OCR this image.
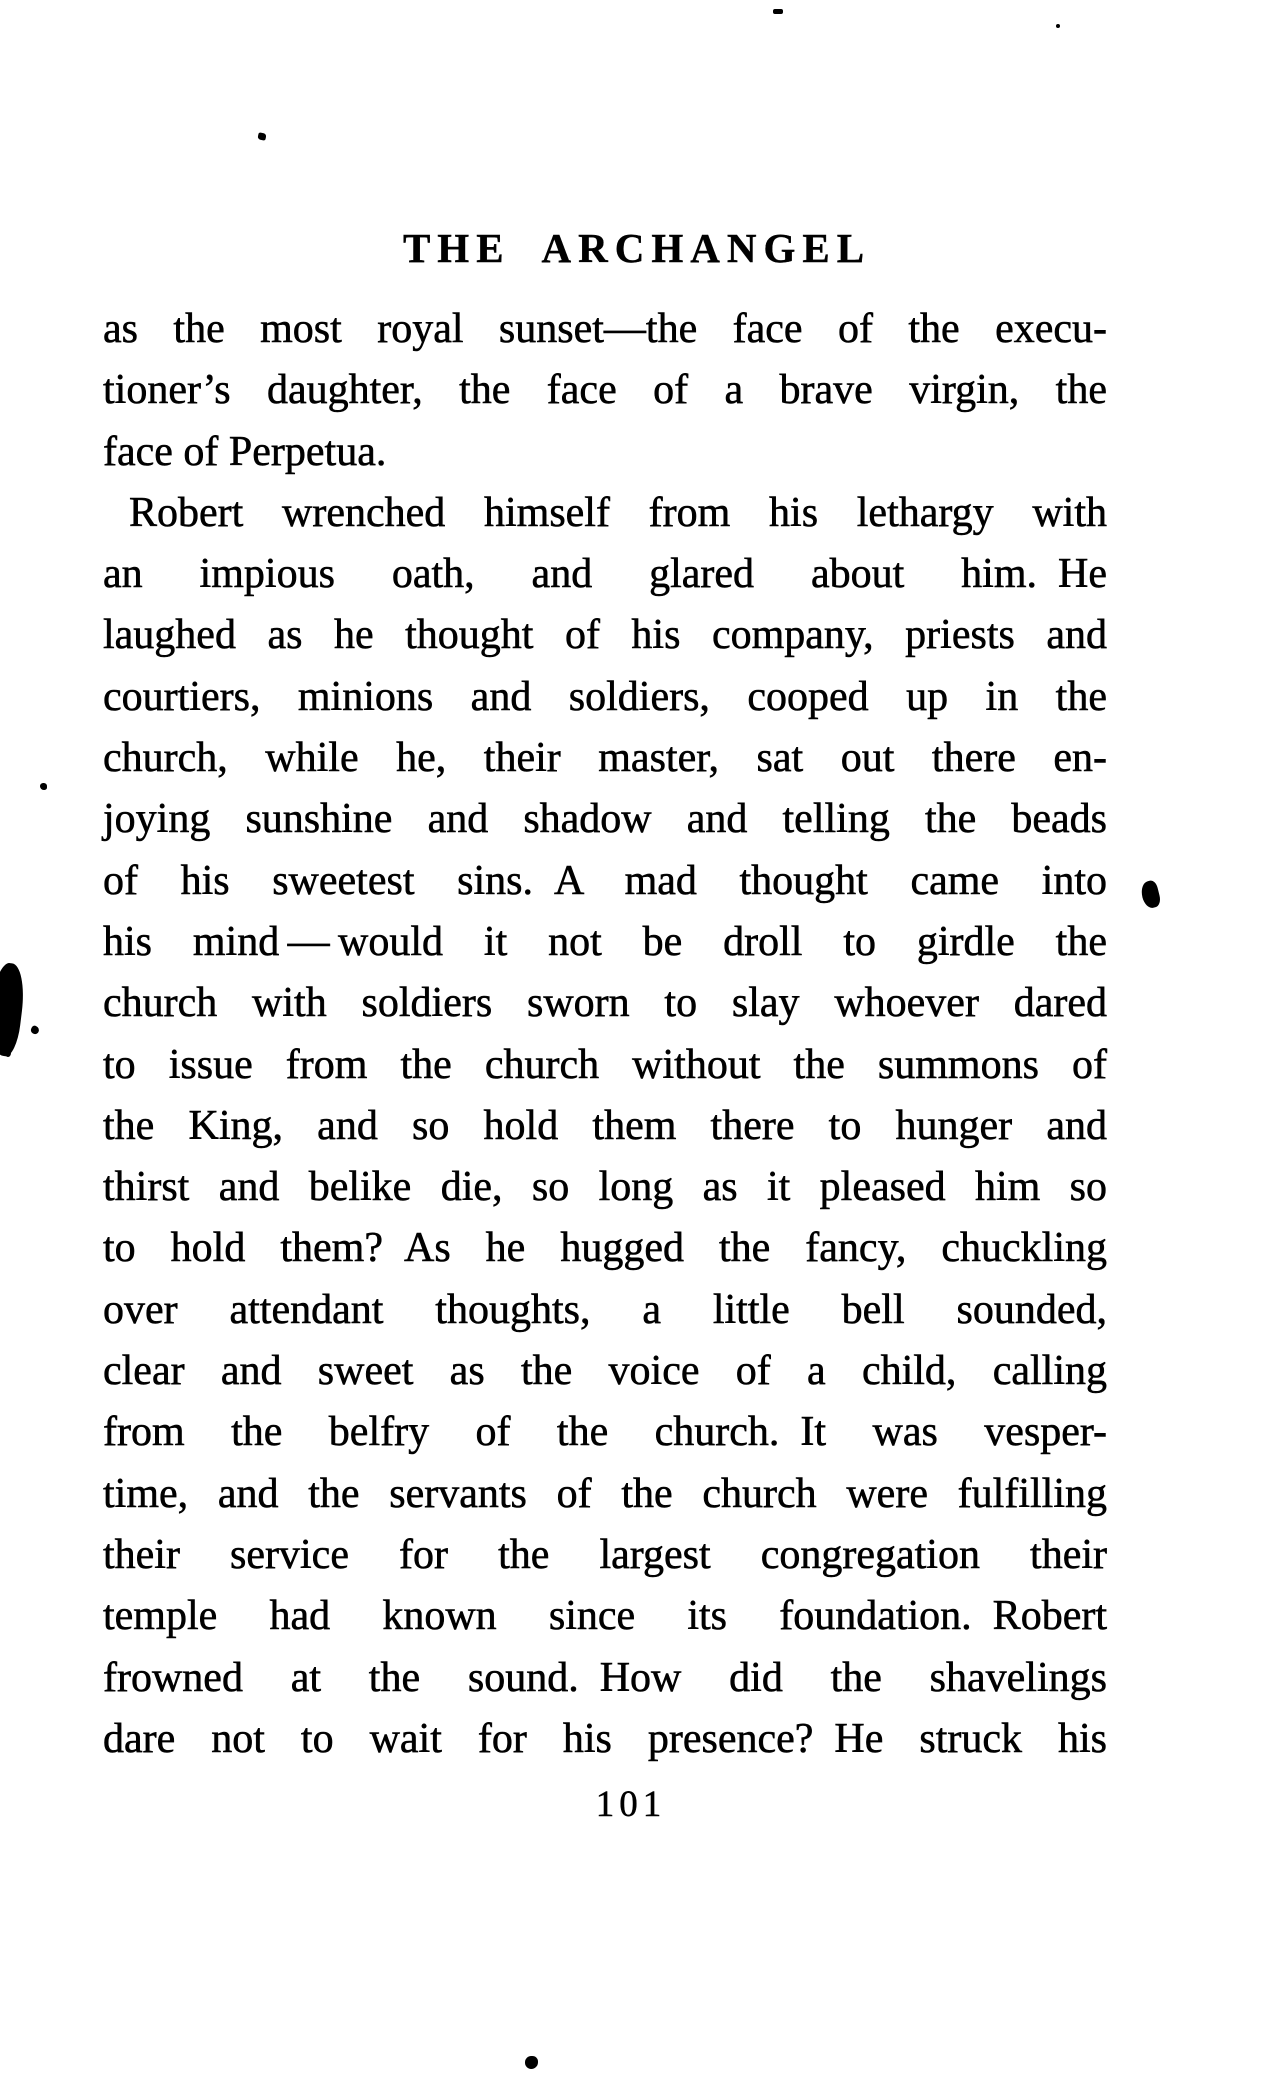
THE ARCHANGEL
as the most royal sunset—the face of the execu-
tioner’s daughter, the face of a brave virgin, the
face of Perpetua.
Robert wrenched himself from his lethargy with
an impious oath, and glared about him. He
laughed as he thought of his company, priests and
courtiers, minions and soldiers, cooped up in the
church, while he, their master, sat out there en-
joying sunshine and shadow and telling the beads
of his sweetest sins. A mad thought came into
his mind — would it not be droll to girdle the
church with soldiers sworn to slay whoever dared
to issue from the church without the summons of
the King, and so hold them there to hunger and
thirst and belike die, so long as it pleased him so
to hold them? As he hugged the fancy, chuckling
over attendant thoughts, a little bell sounded,
clear and sweet as the voice of a child, calling
from the belfry of the church. It was vesper-
time, and the servants of the church were fulfilling
their service for the largest congregation their
temple had known since its foundation. Robert
frowned at the sound. How did the shavelings
dare not to wait for his presence? He struck his
101
